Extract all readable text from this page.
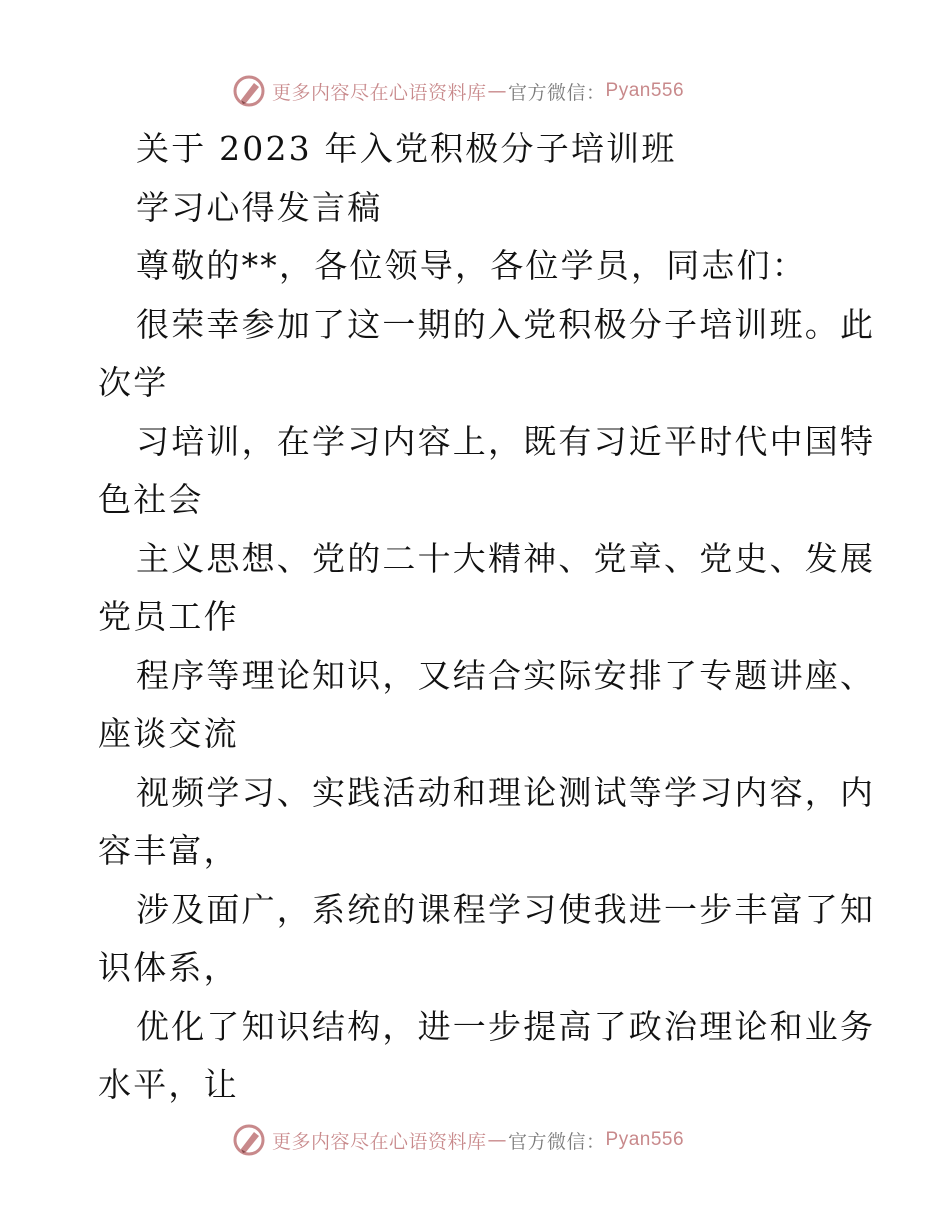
更多内容尽在心语资料库 — 官方微信： Pyan556
关于 2023 年入党积极分子培训班
学习心得发言稿
尊敬的**，各位领导，各位学员，同志们：
很荣幸参加了这一期的入党积极分子培训班。此
次学
习培训，在学习内容上，既有习近平时代中国特
色社会
主义思想、党的二十大精神、党章、党史、发展
党员工作
程序等理论知识，又结合实际安排了专题讲座、
座谈交流
视频学习、实践活动和理论测试等学习内容，内
容丰富，
涉及面广，系统的课程学习使我进一步丰富了知
识体系，
优化了知识结构，进一步提高了政治理论和业务
水平，让
更多内容尽在心语资料库 — 官方微信： Pyan556
